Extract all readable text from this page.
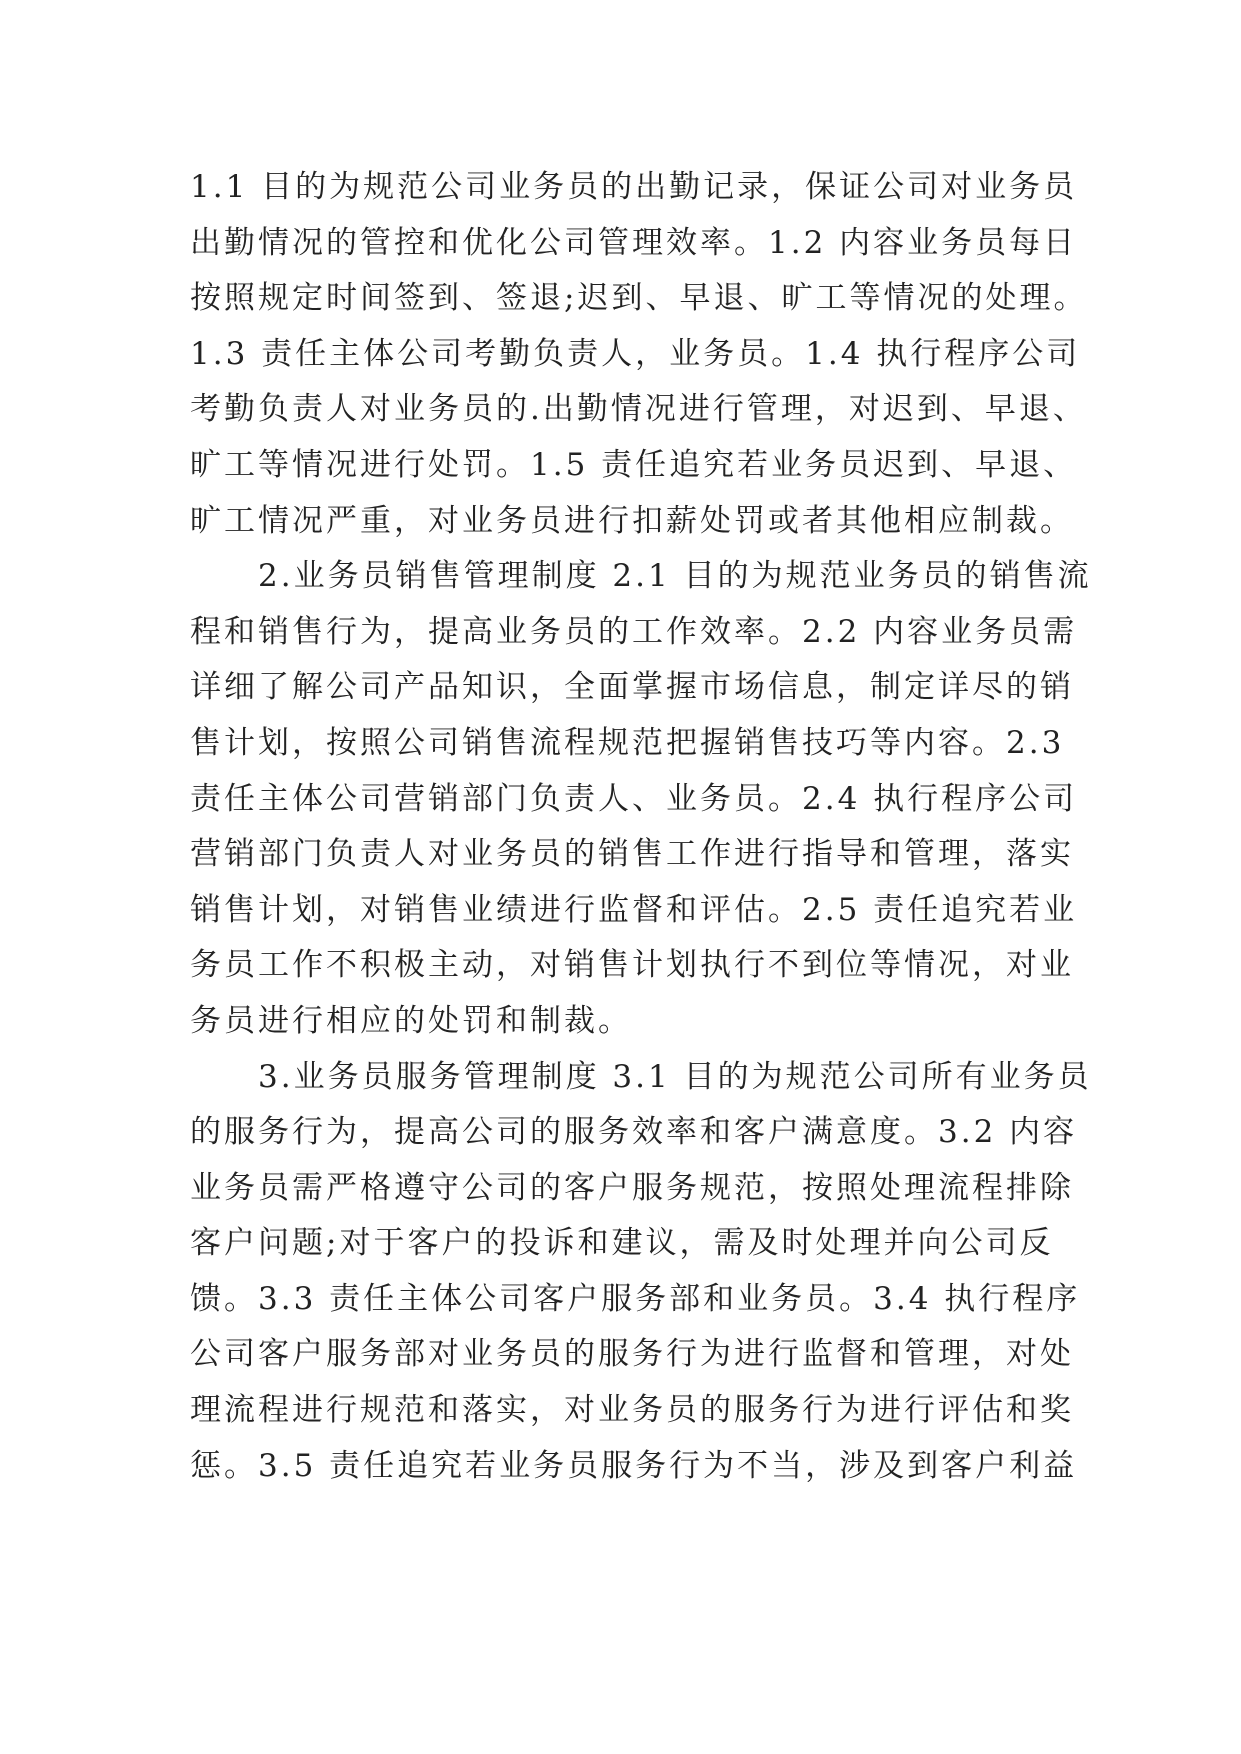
1.1 目的为规范公司业务员的出勤记录，保证公司对业务员
出勤情况的管控和优化公司管理效率。1.2 内容业务员每日
按照规定时间签到、签退;迟到、早退、旷工等情况的处理。
1.3 责任主体公司考勤负责人，业务员。1.4 执行程序公司
考勤负责人对业务员的.出勤情况进行管理，对迟到、早退、
旷工等情况进行处罚。1.5 责任追究若业务员迟到、早退、
旷工情况严重，对业务员进行扣薪处罚或者其他相应制裁。
　　2.业务员销售管理制度 2.1 目的为规范业务员的销售流
程和销售行为，提高业务员的工作效率。2.2 内容业务员需
详细了解公司产品知识，全面掌握市场信息，制定详尽的销
售计划，按照公司销售流程规范把握销售技巧等内容。2.3
责任主体公司营销部门负责人、业务员。2.4 执行程序公司
营销部门负责人对业务员的销售工作进行指导和管理，落实
销售计划，对销售业绩进行监督和评估。2.5 责任追究若业
务员工作不积极主动，对销售计划执行不到位等情况，对业
务员进行相应的处罚和制裁。
　　3.业务员服务管理制度 3.1 目的为规范公司所有业务员
的服务行为，提高公司的服务效率和客户满意度。3.2 内容
业务员需严格遵守公司的客户服务规范，按照处理流程排除
客户问题;对于客户的投诉和建议，需及时处理并向公司反
馈。3.3 责任主体公司客户服务部和业务员。3.4 执行程序
公司客户服务部对业务员的服务行为进行监督和管理，对处
理流程进行规范和落实，对业务员的服务行为进行评估和奖
惩。3.5 责任追究若业务员服务行为不当，涉及到客户利益
